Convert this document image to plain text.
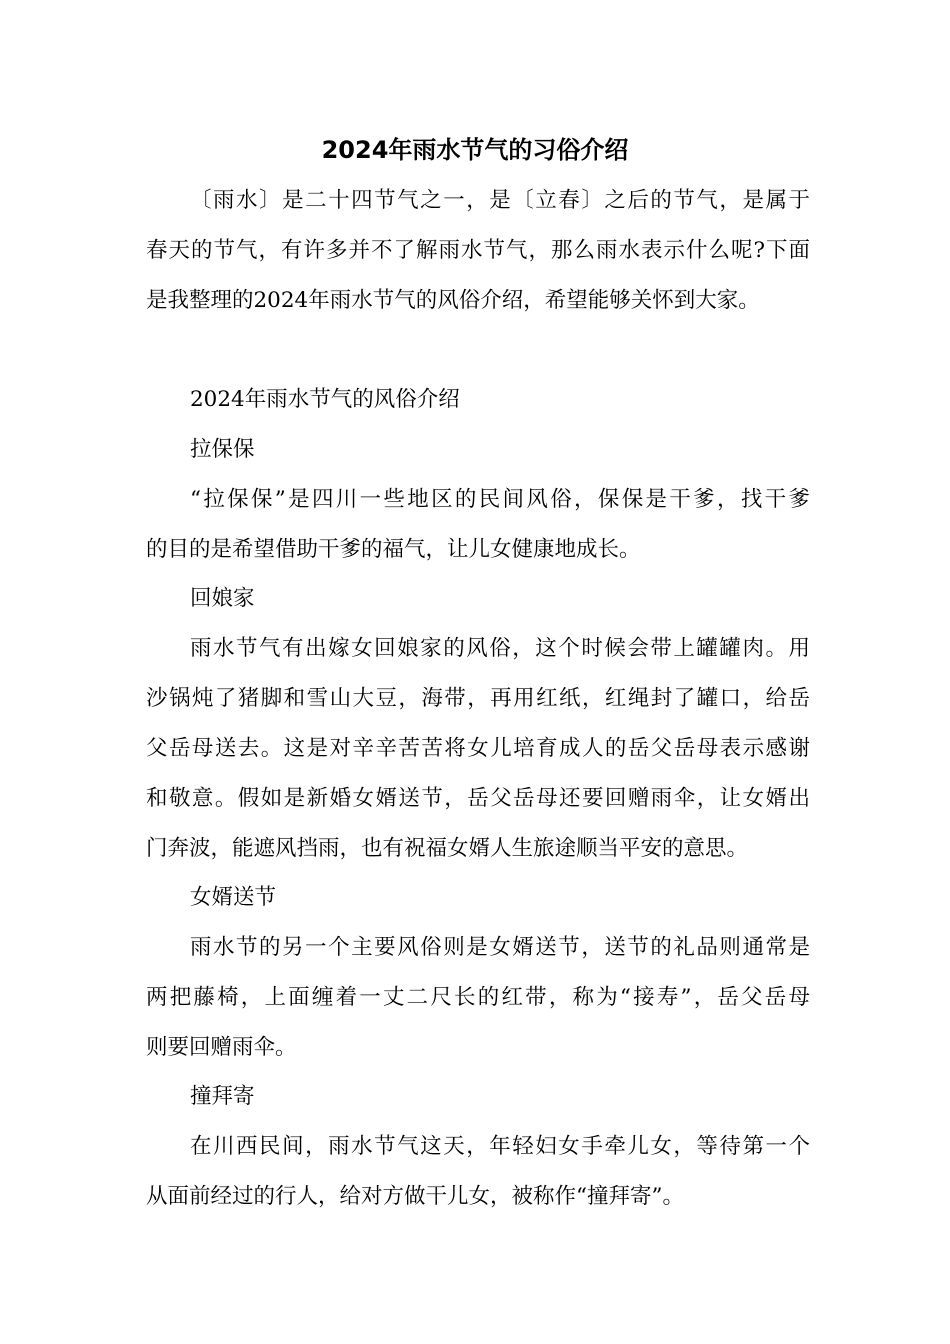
2024年雨水节气的习俗介绍
〔雨水〕是二十四节气之一，是〔立春〕之后的节气，是属于
春天的节气，有许多并不了解雨水节气，那么雨水表示什么呢?下面
是我整理的2024年雨水节气的风俗介绍，希望能够关怀到大家。
2024年雨水节气的风俗介绍
拉保保
“拉保保”是四川一些地区的民间风俗，保保是干爹，找干爹
的目的是希望借助干爹的福气，让儿女健康地成长。
回娘家
雨水节气有出嫁女回娘家的风俗，这个时候会带上罐罐肉。用
沙锅炖了猪脚和雪山大豆，海带，再用红纸，红绳封了罐口，给岳
父岳母送去。这是对辛辛苦苦将女儿培育成人的岳父岳母表示感谢
和敬意。假如是新婚女婿送节，岳父岳母还要回赠雨伞，让女婿出
门奔波，能遮风挡雨，也有祝福女婿人生旅途顺当平安的意思。
女婿送节
雨水节的另一个主要风俗则是女婿送节，送节的礼品则通常是
两把藤椅，上面缠着一丈二尺长的红带，称为“接寿”，岳父岳母
则要回赠雨伞。
撞拜寄
在川西民间，雨水节气这天，年轻妇女手牵儿女，等待第一个
从面前经过的行人，给对方做干儿女，被称作“撞拜寄”。
